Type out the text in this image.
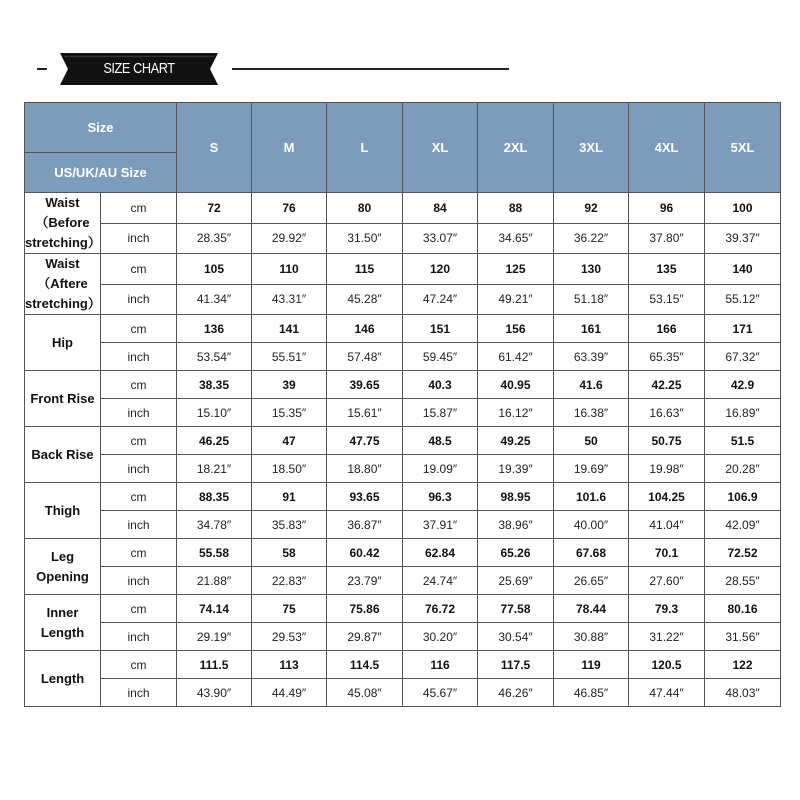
SIZE CHART
Size		S	M	L	XL	2XL	3XL	4XL	5XL
US/UK/AU Size									

Waist
（Before
stretching）	cm	72	76	80	84	88	92	96	100
	inch	28.35″	29.92″	31.50″	33.07″	34.65″	36.22″	37.80″	39.37″

Waist
（Aftere
stretching）	cm	105	110	115	120	125	130	135	140
	inch	41.34″	43.31″	45.28″	47.24″	49.21″	51.18″	53.15″	55.12″

Hip	cm	136	141	146	151	156	161	166	171
	inch	53.54″	55.51″	57.48″	59.45″	61.42″	63.39″	65.35″	67.32″

Front Rise	cm	38.35	39	39.65	40.3	40.95	41.6	42.25	42.9
	inch	15.10″	15.35″	15.61″	15.87″	16.12″	16.38″	16.63″	16.89″

Back Rise	cm	46.25	47	47.75	48.5	49.25	50	50.75	51.5
	inch	18.21″	18.50″	18.80″	19.09″	19.39″	19.69″	19.98″	20.28″

Thigh	cm	88.35	91	93.65	96.3	98.95	101.6	104.25	106.9
	inch	34.78″	35.83″	36.87″	37.91″	38.96″	40.00″	41.04″	42.09″

Leg
Opening	cm	55.58	58	60.42	62.84	65.26	67.68	70.1	72.52
	inch	21.88″	22.83″	23.79″	24.74″	25.69″	26.65″	27.60″	28.55″

Inner
Length	cm	74.14	75	75.86	76.72	77.58	78.44	79.3	80.16
	inch	29.19″	29.53″	29.87″	30.20″	30.54″	30.88″	31.22″	31.56″

Length	cm	111.5	113	114.5	116	117.5	119	120.5	122
	inch	43.90″	44.49″	45.08″	45.67″	46.26″	46.85″	47.44″	48.03″
